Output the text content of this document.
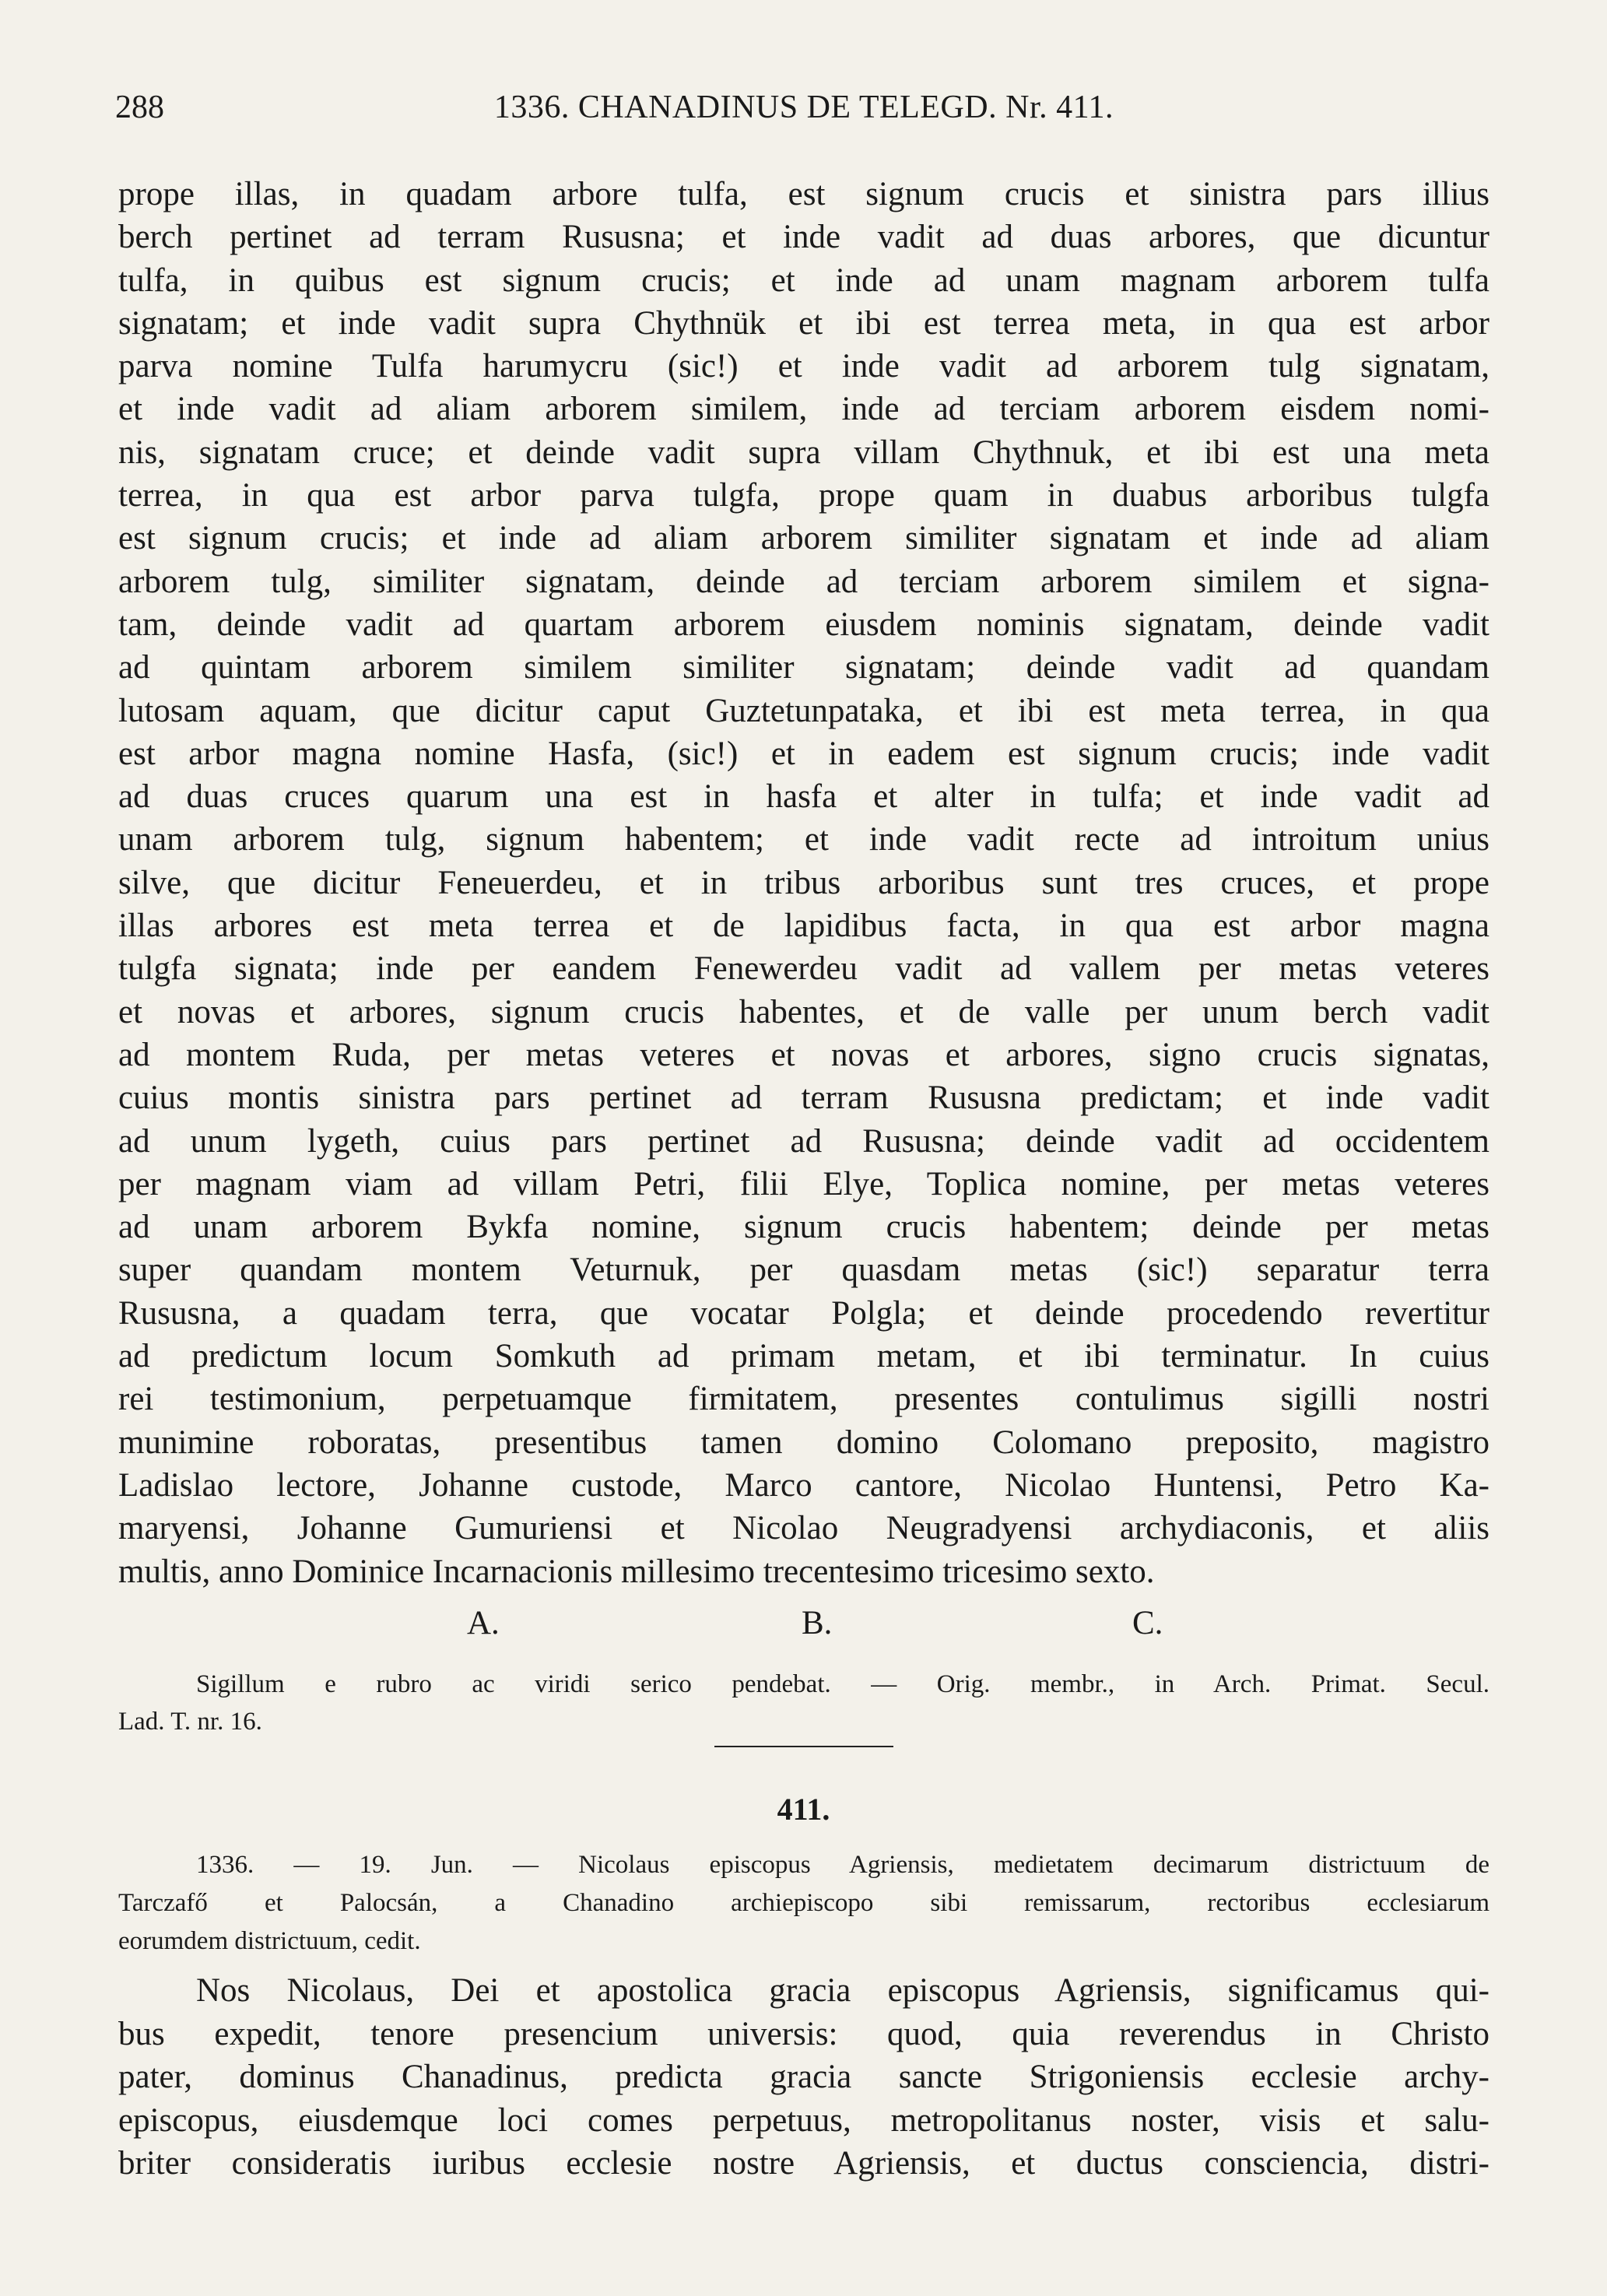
288	1336. CHANADINUS DE TELEGD. Nr. 411.
prope illas, in quadam arbore tulfa, est signum crucis et sinistra pars illius
berch pertinet ad terram Rususna; et inde vadit ad duas arbores, que dicuntur
tulfa, in quibus est signum crucis; et inde ad unam magnam arborem tulfa
signatam; et inde vadit supra Chythnük et ibi est terrea meta, in qua est arbor
parva nomine Tulfa harumycru (sic!) et inde vadit ad arborem tulg signatam,
et inde vadit ad aliam arborem similem, inde ad terciam arborem eisdem nomi-
nis, signatam cruce; et deinde vadit supra villam Chythnuk, et ibi est una meta
terrea, in qua est arbor parva tulgfa, prope quam in duabus arboribus tulgfa
est signum crucis; et inde ad aliam arborem similiter signatam et inde ad aliam
arborem tulg, similiter signatam, deinde ad terciam arborem similem et signa-
tam, deinde vadit ad quartam arborem eiusdem nominis signatam, deinde vadit
ad quintam arborem similem similiter signatam; deinde vadit ad quandam
lutosam aquam, que dicitur caput Guztetunpataka, et ibi est meta terrea, in qua
est arbor magna nomine Hasfa, (sic!) et in eadem est signum crucis; inde vadit
ad duas cruces quarum una est in hasfa et alter in tulfa; et inde vadit ad
unam arborem tulg, signum habentem; et inde vadit recte ad introitum unius
silve, que dicitur Feneuerdeu, et in tribus arboribus sunt tres cruces, et prope
illas arbores est meta terrea et de lapidibus facta, in qua est arbor magna
tulgfa signata; inde per eandem Fenewerdeu vadit ad vallem per metas veteres
et novas et arbores, signum crucis habentes, et de valle per unum berch vadit
ad montem Ruda, per metas veteres et novas et arbores, signo crucis signatas,
cuius montis sinistra pars pertinet ad terram Rususna predictam; et inde vadit
ad unum lygeth, cuius pars pertinet ad Rususna; deinde vadit ad occidentem
per magnam viam ad villam Petri, filii Elye, Toplica nomine, per metas veteres
ad unam arborem Bykfa nomine, signum crucis habentem; deinde per metas
super quandam montem Veturnuk, per quasdam metas (sic!) separatur terra
Rususna, a quadam terra, que vocatar Polgla; et deinde procedendo revertitur
ad predictum locum Somkuth ad primam metam, et ibi terminatur. In cuius
rei testimonium, perpetuamque firmitatem, presentes contulimus sigilli nostri
munimine roboratas, presentibus tamen domino Colomano preposito, magistro
Ladislao lectore, Johanne custode, Marco cantore, Nicolao Huntensi, Petro Ka-
maryensi, Johanne Gumuriensi et Nicolao Neugradyensi archydiaconis, et aliis
multis, anno Dominice Incarnacionis millesimo trecentesimo tricesimo sexto.
A.	B.	C.
Sigillum e rubro ac viridi serico pendebat. — Orig. membr., in Arch. Primat. Secul.
Lad. T. nr. 16.
411.
1336. — 19. Jun. — Nicolaus episcopus Agriensis, medietatem decimarum districtuum de
Tarczafő et Palocsán, a Chanadino archiepiscopo sibi remissarum, rectoribus ecclesiarum
eorumdem districtuum, cedit.
Nos Nicolaus, Dei et apostolica gracia episcopus Agriensis, significamus qui-
bus expedit, tenore presencium universis: quod, quia reverendus in Christo
pater, dominus Chanadinus, predicta gracia sancte Strigoniensis ecclesie archy-
episcopus, eiusdemque loci comes perpetuus, metropolitanus noster, visis et salu-
briter consideratis iuribus ecclesie nostre Agriensis, et ductus consciencia, distri-
